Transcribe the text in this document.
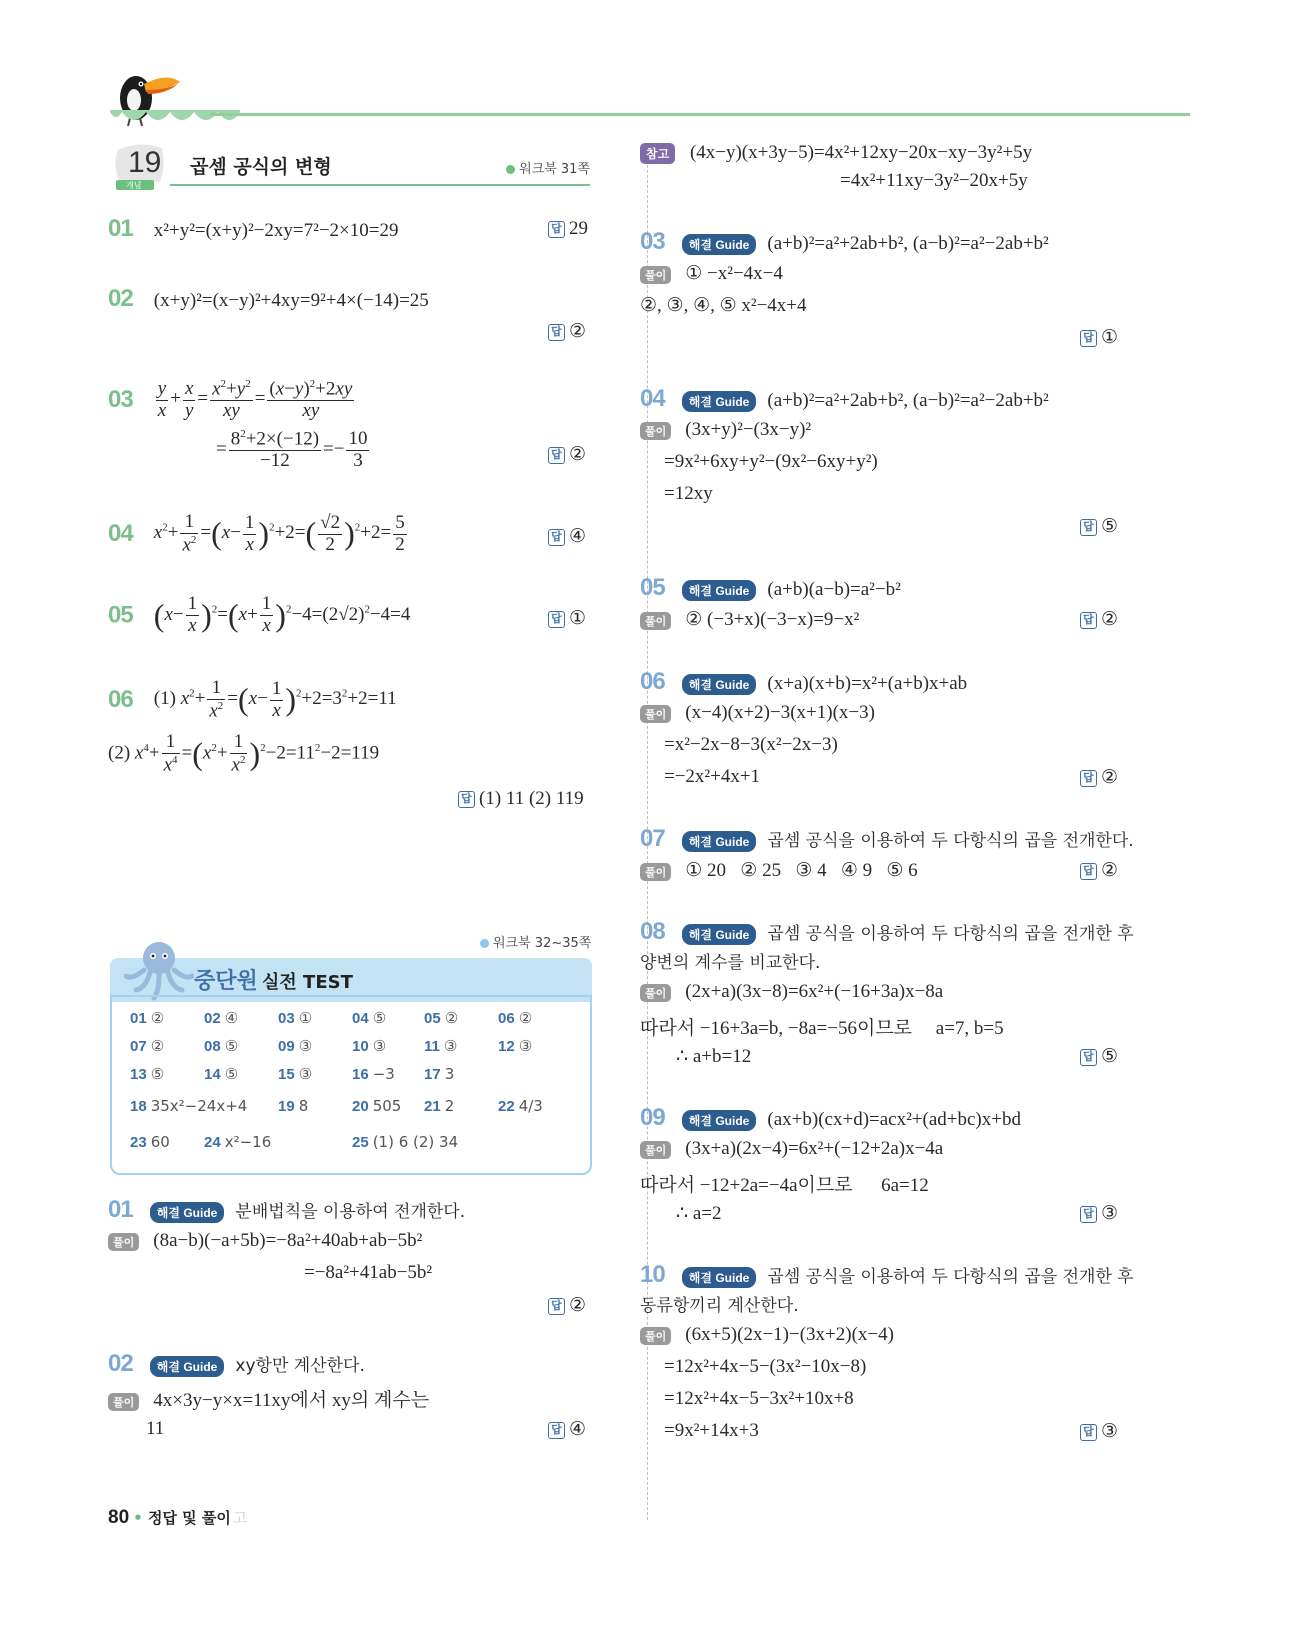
19
개념
곱셈 공식의 변형	워크북 31쪽
01 x²+y²=(x+y)²−2xy=7²−2×10=29	답 29
02 (x+y)²=(x−y)²+4xy=9²+4×(−14)=25
답 ②
$03 \frac{y}{x} + \frac{x}{y} = \frac{x^2+y^2}{xy} = \frac{(x-y)^2+2xy}{xy}$
= $\frac{8^2+2\times(-12)}{-12} =- \frac{10}{3}$	답 ②
04 $x^2+ \frac{1}{x^2} =(x- \frac{1}{x} )^2+2=( \frac{√2}{2} )^2+2= \frac{5}{2}$	답 ④
05 $(x- \frac{1}{x} )^2=(x+ \frac{1}{x} )^2-4=(2√2)^2-4=4$	답 ①
06 (1) $x^2+ \frac{1}{x^2} =(x- \frac{1}{x} )^2+2=3^2+2=11$
(2) $x^4+ \frac{1}{x^4} =(x^2+ \frac{1}{x^2} )^2-2=11^2-2=119$
답 (1) 11 (2) 119
워크북 32~35쪽
중단원 실전 TEST
01 ②	02 ④	03 ①	04 ⑤	05 ②	06 ②
07 ②	08 ⑤	09 ③	10 ③	11 ③	12 ③
13 ⑤	14 ⑤	15 ③	16 −3 17 3
18 35x²−24x+4 19 8	20 505 21 2	22 4/3
23 60 24 x²−16	25 (1) 6 (2) 34
01 해결 Guide 분배법칙을 이용하여 전개한다.
풀이 (8a−b)(−a+5b)=−8a²+40ab+ab−5b²
=−8a²+41ab−5b²
답 ②
02 해결 Guide xy항만 계산한다.
풀이 4x×3y−y×x=11xy에서 xy의 계수는
11	답 ④
참고 (4x−y)(x+3y−5)=4x²+12xy−20x−xy−3y²+5y
=4x²+11xy−3y²−20x+5y
03 해결 Guide (a+b)²=a²+2ab+b², (a−b)²=a²−2ab+b²
풀이 ① −x²−4x−4
②, ③, ④, ⑤ x²−4x+4
답 ①
04 해결 Guide (a+b)²=a²+2ab+b², (a−b)²=a²−2ab+b²
풀이 (3x+y)²−(3x−y)²
=9x²+6xy+y²−(9x²−6xy+y²)
=12xy
답 ⑤
05 해결 Guide (a+b)(a−b)=a²−b²
풀이 ② (−3+x)(−3−x)=9−x²	답 ②
06 해결 Guide (x+a)(x+b)=x²+(a+b)x+ab
풀이 (x−4)(x+2)−3(x+1)(x−3)
=x²−2x−8−3(x²−2x−3)
=−2x²+4x+1	답 ②
07 해결 Guide 곱셈 공식을 이용하여 두 다항식의 곱을 전개한다.
풀이 ① 20   ② 25   ③ 4   ④ 9   ⑤ 6	답 ②
08 해결 Guide 곱셈 공식을 이용하여 두 다항식의 곱을 전개한 후
양변의 계수를 비교한다.
풀이 (2x+a)(3x−8)=6x²+(−16+3a)x−8a
따라서 −16+3a=b, −8a=−56이므로     a=7, b=5
∴ a+b=12	답 ⑤
09 해결 Guide (ax+b)(cx+d)=acx²+(ad+bc)x+bd
풀이 (3x+a)(2x−4)=6x²+(−12+2a)x−4a
따라서 −12+2a=−4a이므로      6a=12
∴ a=2	답 ③
10 해결 Guide 곱셈 공식을 이용하여 두 다항식의 곱을 전개한 후
동류항끼리 계산한다.
풀이 (6x+5)(2x−1)−(3x+2)(x−4)
=12x²+4x−5−(3x²−10x−8)
=12x²+4x−5−3x²+10x+8
=9x²+14x+3	답 ③
80 • 정답 및 풀이 고
